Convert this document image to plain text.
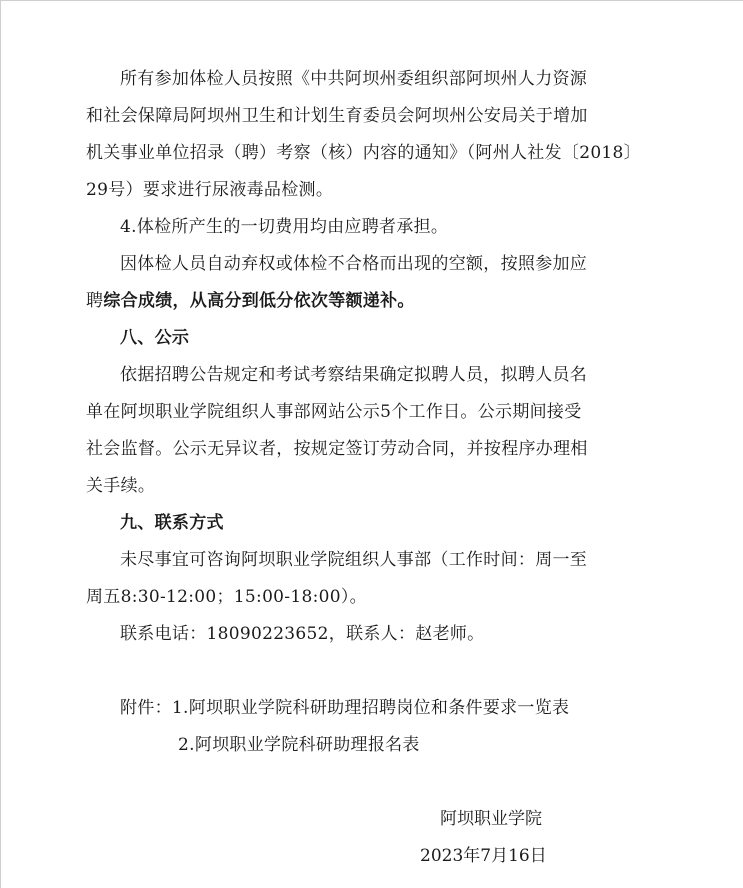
所有参加体检人员按照《中共阿坝州委组织部阿坝州人力资源
和社会保障局阿坝州卫生和计划生育委员会阿坝州公安局关于增加
机关事业单位招录（聘）考察（核）内容的通知》（阿州人社发〔2018〕
29号）要求进行尿液毒品检测。
4.体检所产生的一切费用均由应聘者承担。
因体检人员自动弃权或体检不合格而出现的空额，按照参加应
聘综合成绩，从高分到低分依次等额递补。
八、公示
依据招聘公告规定和考试考察结果确定拟聘人员，拟聘人员名
单在阿坝职业学院组织人事部网站公示5个工作日。公示期间接受
社会监督。公示无异议者，按规定签订劳动合同，并按程序办理相
关手续。
九、联系方式
未尽事宜可咨询阿坝职业学院组织人事部（工作时间：周一至
周五8:30-12:00；15:00-18:00）。
联系电话：18090223652，联系人：赵老师。
附件：1.阿坝职业学院科研助理招聘岗位和条件要求一览表
2.阿坝职业学院科研助理报名表
阿坝职业学院
2023年7月16日
